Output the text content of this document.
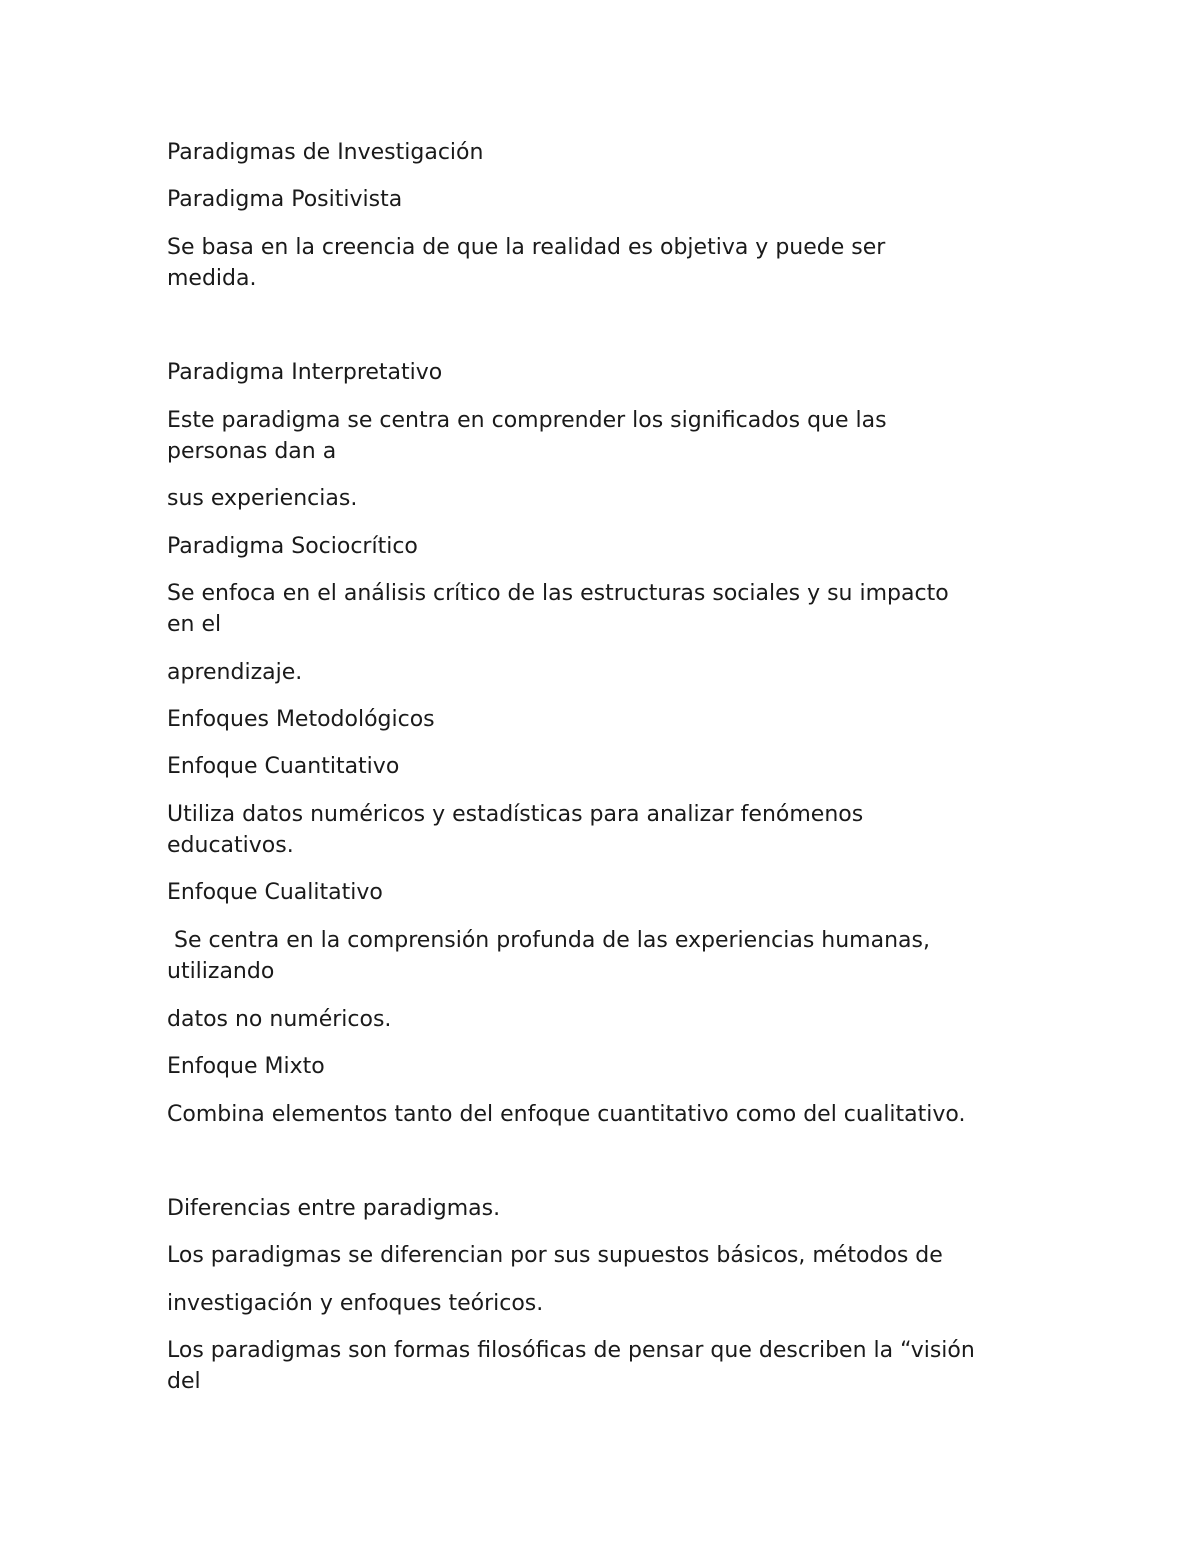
Paradigmas de Investigación

Paradigma Positivista

Se basa en la creencia de que la realidad es objetiva y puede ser
medida.

Paradigma Interpretativo

Este paradigma se centra en comprender los significados que las
personas dan a

sus experiencias.

Paradigma Sociocrítico

Se enfoca en el análisis crítico de las estructuras sociales y su impacto
en el

aprendizaje.

Enfoques Metodológicos

Enfoque Cuantitativo

Utiliza datos numéricos y estadísticas para analizar fenómenos
educativos.

Enfoque Cualitativo

Se centra en la comprensión profunda de las experiencias humanas,
utilizando

datos no numéricos.

Enfoque Mixto

Combina elementos tanto del enfoque cuantitativo como del cualitativo.

Diferencias entre paradigmas.

Los paradigmas se diferencian por sus supuestos básicos, métodos de

investigación y enfoques teóricos.

Los paradigmas son formas filosóficas de pensar que describen la “visión
del
